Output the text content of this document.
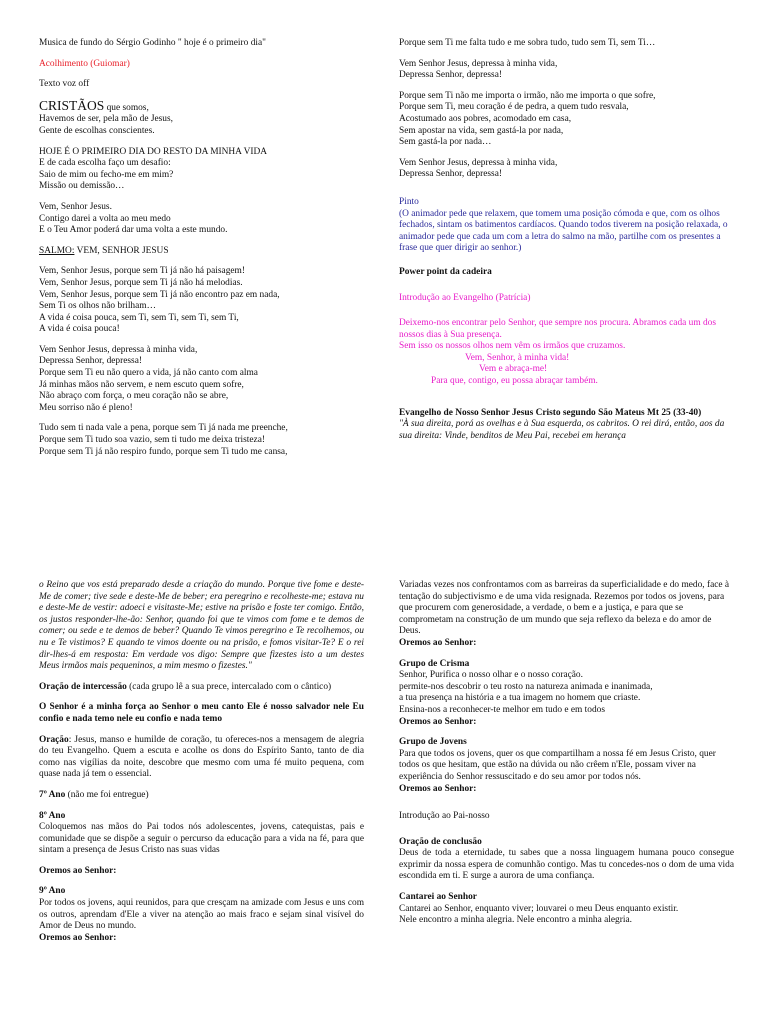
Musica de fundo do Sérgio Godinho " hoje é o primeiro dia"

Acolhimento (Guiomar)

Texto voz off

CRISTÃOS que somos,
Havemos de ser, pela mão de Jesus,
Gente de escolhas conscientes.

HOJE É O PRIMEIRO DIA DO RESTO DA MINHA VIDA
E de cada escolha faço um desafio:
Saio de mim ou fecho-me em mim?
Missão ou demissão…

Vem, Senhor Jesus.
Contigo darei a volta ao meu medo
E o Teu Amor poderá dar uma volta a este mundo.

SALMO: VEM, SENHOR JESUS

Vem, Senhor Jesus, porque sem Ti já não há paisagem!
Vem, Senhor Jesus, porque sem Ti já não há melodias.
Vem, Senhor Jesus, porque sem Ti já não encontro paz em nada,
Sem Ti os olhos não brilham…
A vida é coisa pouca, sem Ti, sem Ti, sem Ti, sem Ti,
A vida é coisa pouca!

Vem Senhor Jesus, depressa à minha vida,
Depressa Senhor, depressa!
Porque sem Ti eu não quero a vida, já não canto com alma
Já minhas mãos não servem, e nem escuto quem sofre,
Não abraço com força, o meu coração não se abre,
Meu sorriso não é pleno!

Tudo sem ti nada vale a pena, porque sem Ti já nada me preenche,
Porque sem Ti tudo soa vazio, sem ti tudo me deixa tristeza!
Porque sem Ti já não respiro fundo, porque sem Ti tudo me cansa,

Porque sem Ti me falta tudo e me sobra tudo, tudo sem Ti, sem Ti…

Vem Senhor Jesus, depressa à minha vida,
Depressa Senhor, depressa!

Porque sem Ti não me importa o irmão, não me importa o que sofre,
Porque sem Ti, meu coração é de pedra, a quem tudo resvala,
Acostumado aos pobres, acomodado em casa,
Sem apostar na vida, sem gastá-la por nada,
Sem gastá-la por nada…

Vem Senhor Jesus, depressa à minha vida,
Depressa Senhor, depressa!

Pinto
(O animador pede que relaxem, que tomem uma posição cómoda e que, com os olhos fechados, sintam os batimentos cardíacos. Quando todos tiverem na posição relaxada, o animador pede que cada um com a letra do salmo na mão, partilhe com os presentes a frase que quer dirigir ao senhor.)

Power point da cadeira

Introdução ao Evangelho (Patrícia)

Deixemo-nos encontrar pelo Senhor, que sempre nos procura. Abramos cada um dos nossos dias à Sua presença.
Sem isso os nossos olhos nem vêm os irmãos que cruzamos.
Vem, Senhor, à minha vida!
Vem e abraça-me!
Para que, contigo, eu possa abraçar também.

Evangelho de Nosso Senhor Jesus Cristo segundo São Mateus Mt 25 (33-40)
"À sua direita, porá as ovelhas e à Sua esquerda, os cabritos. O rei dirá, então, aos da sua direita: Vinde, benditos de Meu Pai, recebei em herança

o Reino que vos está preparado desde a criação do mundo. Porque tive fome e deste-Me de comer; tive sede e deste-Me de beber; era peregrino e recolheste-me; estava nu e deste-Me de vestir: adoeci e visitaste-Me; estive na prisão e foste ter comigo. Então, os justos responder-lhe-ão: Senhor, quando foi que te vimos com fome e te demos de comer; ou sede e te demos de beber? Quando Te vimos peregrino e Te recolhemos, ou nu e Te vistimos? E quando te vimos doente ou na prisão, e fomos visitar-Te? E o rei dir-lhes-á em resposta: Em verdade vos digo: Sempre que fizestes isto a um destes Meus irmãos mais pequeninos, a mim mesmo o fizestes."

Oração de intercessão (cada grupo lê a sua prece, intercalado com o cântico)

O Senhor é a minha força ao Senhor o meu canto Ele é nosso salvador nele Eu confio e nada temo nele eu confio e nada temo

Oração: Jesus, manso e humilde de coração, tu ofereces-nos a mensagem de alegria do teu Evangelho. Quem a escuta e acolhe os dons do Espírito Santo, tanto de dia como nas vigílias da noite, descobre que mesmo com uma fé muito pequena, com quase nada já tem o essencial.

7º Ano (não me foi entregue)

8º Ano
Coloquemos nas mãos do Pai todos nós adolescentes, jovens, catequistas, pais e comunidade que se dispõe a seguir o percurso da educação para a vida na fé, para que sintam a presença de Jesus Cristo nas suas vidas

Oremos ao Senhor:

9º Ano
Por todos os jovens, aqui reunidos, para que cresçam na amizade com Jesus e uns com os outros, aprendam d'Ele a viver na atenção ao mais fraco e sejam sinal visível do Amor de Deus no mundo.
Oremos ao Senhor:

Variadas vezes nos confrontamos com as barreiras da superficialidade e do medo, face à tentação do subjectivismo e de uma vida resignada. Rezemos por todos os jovens, para que procurem com generosidade, a verdade, o bem e a justiça, e para que se comprometam na construção de um mundo que seja reflexo da beleza e do amor de Deus.
Oremos ao Senhor:

Grupo de Crisma
Senhor, Purifica o nosso olhar e o nosso coração.
permite-nos descobrir o teu rosto na natureza animada e inanimada,
a tua presença na história e a tua imagem no homem que criaste.
Ensina-nos a reconhecer-te melhor em tudo e em todos
Oremos ao Senhor:

Grupo de Jovens
Para que todos os jovens, quer os que compartilham a nossa fé em Jesus Cristo, quer todos os que hesitam, que estão na dúvida ou não crêem n'Ele, possam viver na experiência do Senhor ressuscitado e do seu amor por todos nós.
Oremos ao Senhor:

Introdução ao Pai-nosso

Oração de conclusão
Deus de toda a eternidade, tu sabes que a nossa linguagem humana pouco consegue exprimir da nossa espera de comunhão contigo. Mas tu concedes-nos o dom de uma vida escondida em ti. E surge a aurora de uma confiança.

Cantarei ao Senhor
Cantarei ao Senhor, enquanto viver; louvarei o meu Deus enquanto existir.
Nele encontro a minha alegria. Nele encontro a minha alegria.
